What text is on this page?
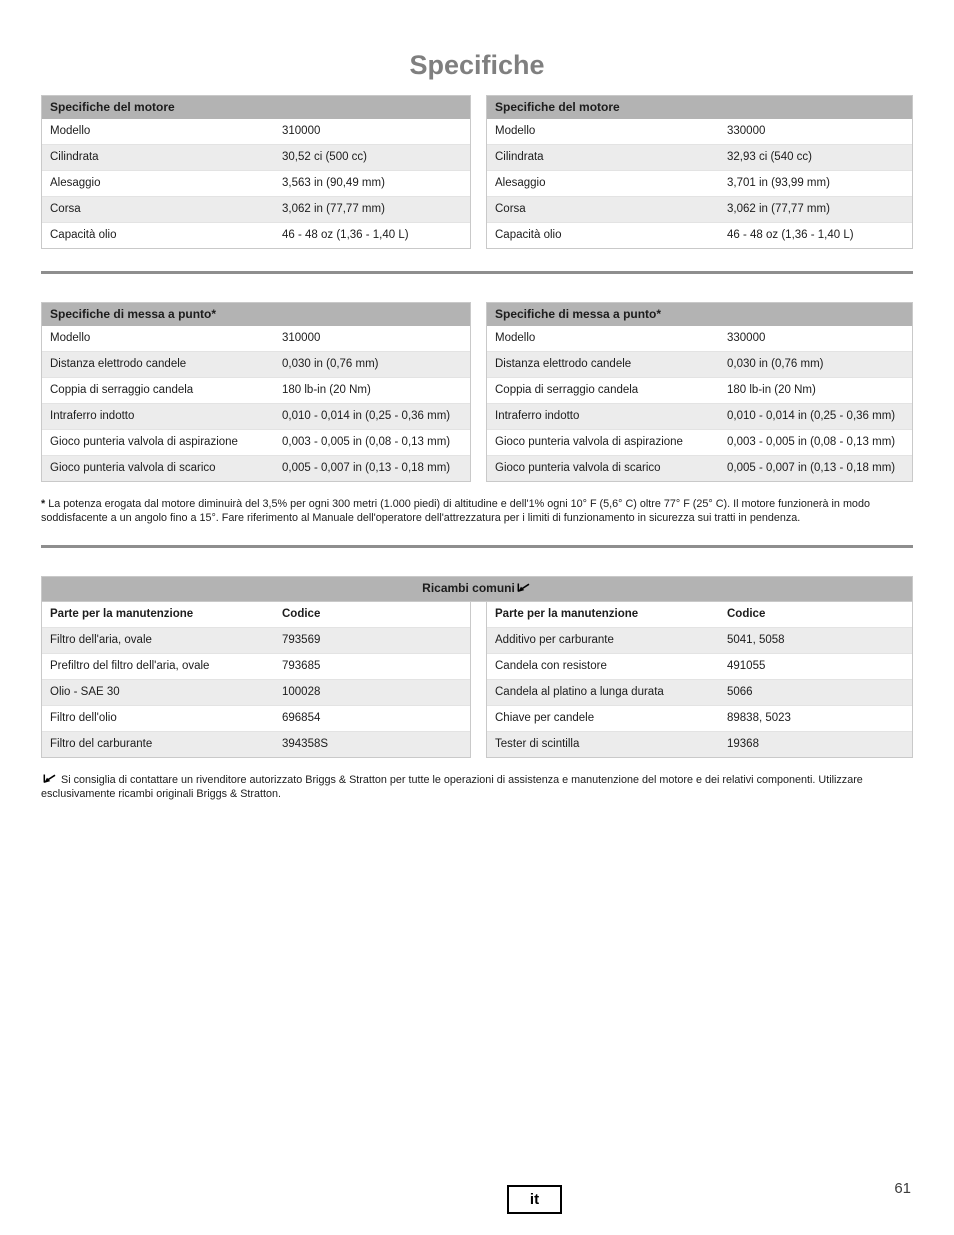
Specifiche
Specifiche del motore
Modello	310000
Cilindrata	30,52 ci (500 cc)
Alesaggio	3,563 in (90,49 mm)
Corsa	3,062 in (77,77 mm)
Capacità olio	46 - 48 oz (1,36 - 1,40 L)
Specifiche del motore
Modello	330000
Cilindrata	32,93 ci (540 cc)
Alesaggio	3,701 in (93,99 mm)
Corsa	3,062 in (77,77 mm)
Capacità olio	46 - 48 oz (1,36 - 1,40 L)
Specifiche di messa a punto*
Modello	310000
Distanza elettrodo candele	0,030 in (0,76 mm)
Coppia di serraggio candela	180 lb-in (20 Nm)
Intraferro indotto	0,010 - 0,014 in (0,25 - 0,36 mm)
Gioco punteria valvola di aspirazione	0,003 - 0,005 in (0,08 - 0,13 mm)
Gioco punteria valvola di scarico	0,005 - 0,007 in (0,13 - 0,18 mm)
Specifiche di messa a punto*
Modello	330000
Distanza elettrodo candele	0,030 in (0,76 mm)
Coppia di serraggio candela	180 lb-in (20 Nm)
Intraferro indotto	0,010 - 0,014 in (0,25 - 0,36 mm)
Gioco punteria valvola di aspirazione	0,003 - 0,005 in (0,08 - 0,13 mm)
Gioco punteria valvola di scarico	0,005 - 0,007 in (0,13 - 0,18 mm)

* La potenza erogata dal motore diminuirà del 3,5% per ogni 300 metri (1.000 piedi) di altitudine e dell'1% ogni 10° F (5,6° C) oltre 77° F (25° C). Il motore funzionerà in modo soddisfacente a un angolo fino a 15°. Fare riferimento al Manuale dell'operatore dell'attrezzatura per i limiti di funzionamento in sicurezza sui tratti in pendenza.

Ricambi comuni
Parte per la manutenzione	Codice
Filtro dell'aria, ovale	793569
Prefiltro del filtro dell'aria, ovale	793685
Olio - SAE 30	100028
Filtro dell'olio	696854
Filtro del carburante	394358S
Parte per la manutenzione	Codice
Additivo per carburante	5041, 5058
Candela con resistore	491055
Candela al platino a lunga durata	5066
Chiave per candele	89838, 5023
Tester di scintilla	19368

Si consiglia di contattare un rivenditore autorizzato Briggs & Stratton per tutte le operazioni di assistenza e manutenzione del motore e dei relativi componenti. Utilizzare esclusivamente ricambi originali Briggs & Stratton.

it
61
